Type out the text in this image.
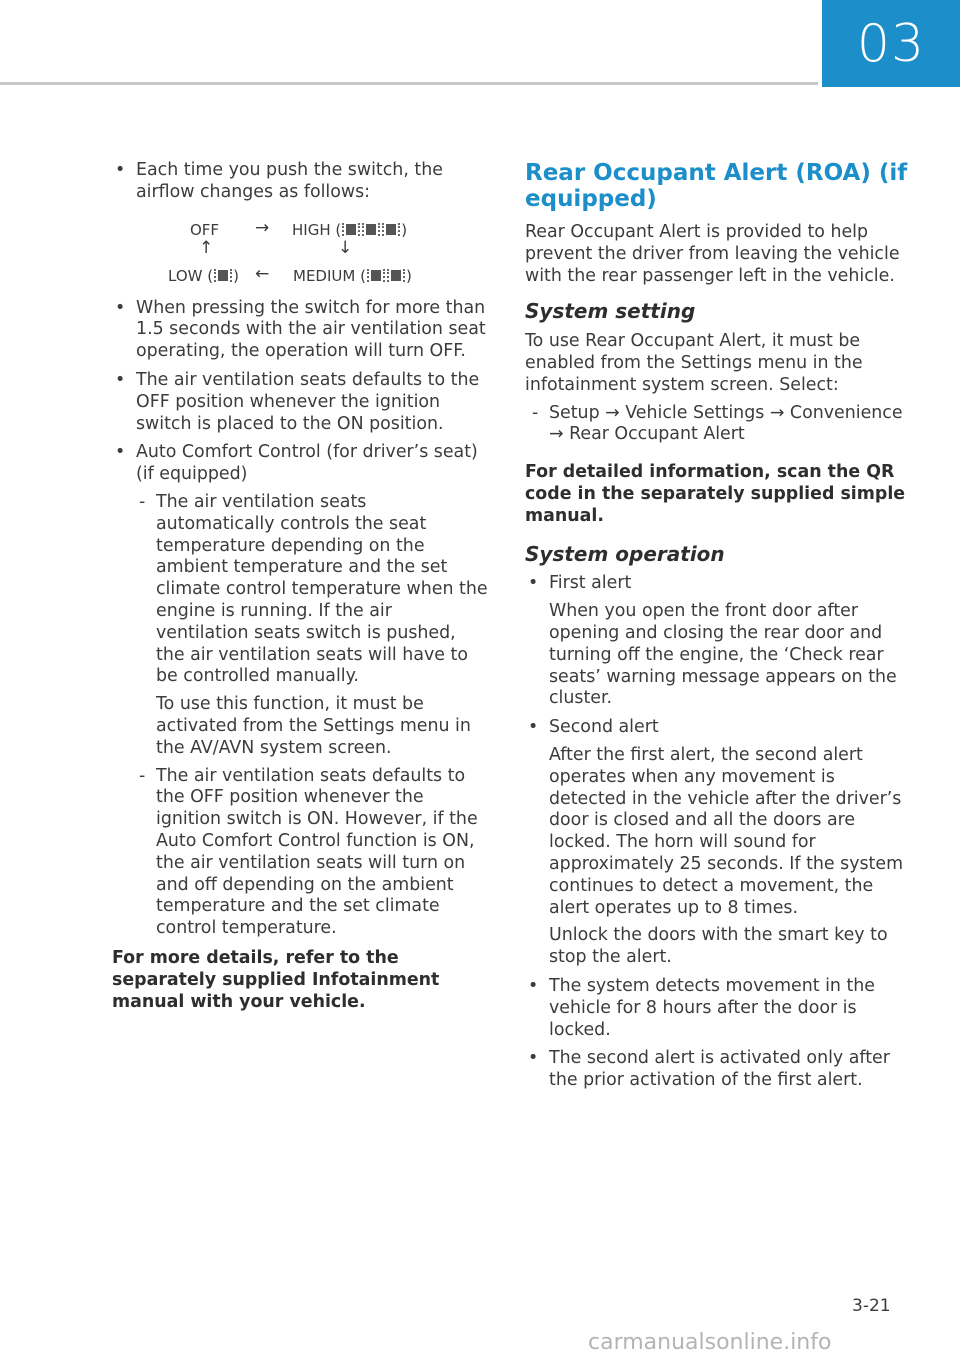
03
• Each time you push the switch, the airflow changes as follows:
OFF → HIGH (	)
↑	↓
LOW ( ) ← MEDIUM (	)
• When pressing the switch for more than 1.5 seconds with the air ventilation seat operating, the operation will turn OFF.
• The air ventilation seats defaults to the OFF position whenever the ignition switch is placed to the ON position.
• Auto Comfort Control (for driver’s seat) (if equipped)
- The air ventilation seats automatically controls the seat temperature depending on the ambient temperature and the set climate control temperature when the engine is running. If the air ventilation seats switch is pushed, the air ventilation seats will have to be controlled manually.
To use this function, it must be activated from the Settings menu in the AV/AVN system screen.
- The air ventilation seats defaults to the OFF position whenever the ignition switch is ON. However, if the Auto Comfort Control function is ON, the air ventilation seats will turn on and off depending on the ambient temperature and the set climate control temperature.
For more details, refer to the separately supplied Infotainment manual with your vehicle.
Rear Occupant Alert (ROA) (if equipped)
Rear Occupant Alert is provided to help prevent the driver from leaving the vehicle with the rear passenger left in the vehicle.
System setting
To use Rear Occupant Alert, it must be enabled from the Settings menu in the infotainment system screen. Select:
- Setup → Vehicle Settings → Convenience → Rear Occupant Alert
For detailed information, scan the QR code in the separately supplied simple manual.
System operation
• First alert
When you open the front door after opening and closing the rear door and turning off the engine, the ‘Check rear seats’ warning message appears on the cluster.
• Second alert
After the first alert, the second alert operates when any movement is detected in the vehicle after the driver’s door is closed and all the doors are locked. The horn will sound for approximately 25 seconds. If the system continues to detect a movement, the alert operates up to 8 times.
Unlock the doors with the smart key to stop the alert.
• The system detects movement in the vehicle for 8 hours after the door is locked.
• The second alert is activated only after the prior activation of the first alert.
3-21
carmanualsonline.info
